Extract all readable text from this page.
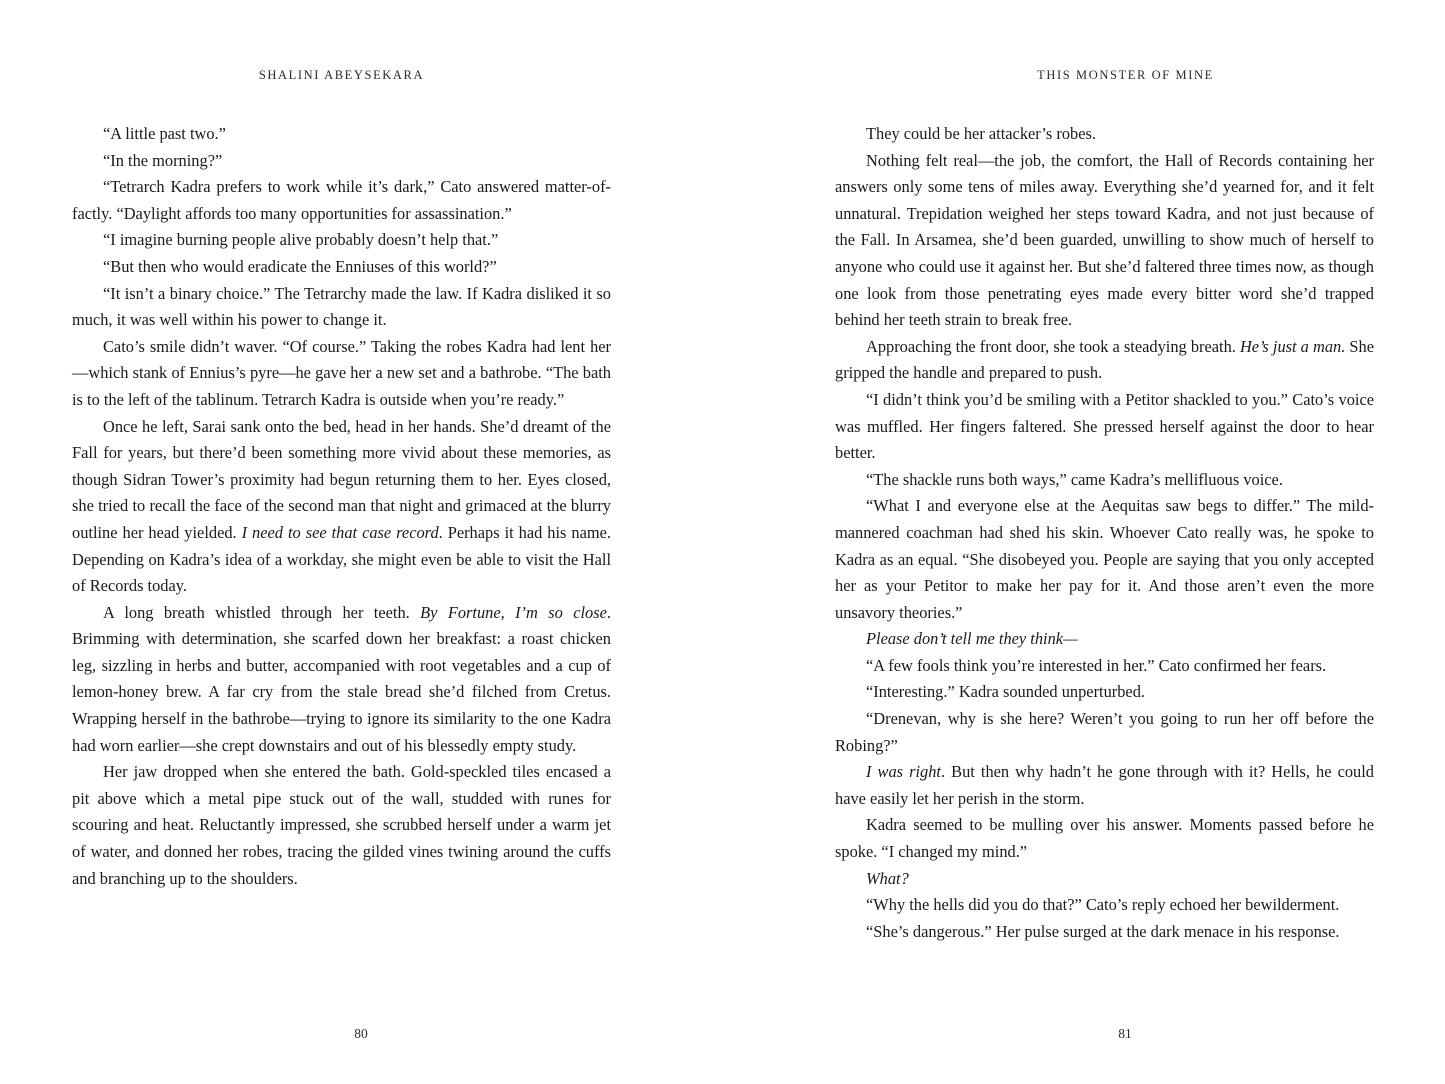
SHALINI ABEYSEKARA

“A little past two.”

“In the morning?”

“Tetrarch Kadra prefers to work while it’s dark,” Cato answered matter-of-factly. “Daylight affords too many opportunities for assassination.”

“I imagine burning people alive probably doesn’t help that.”

“But then who would eradicate the Enniuses of this world?”

“It isn’t a binary choice.” The Tetrarchy made the law. If Kadra disliked it so much, it was well within his power to change it.

Cato’s smile didn’t waver. “Of course.” Taking the robes Kadra had lent her—which stank of Ennius’s pyre—he gave her a new set and a bathrobe. “The bath is to the left of the tablinum. Tetrarch Kadra is outside when you’re ready.”

Once he left, Sarai sank onto the bed, head in her hands. She’d dreamt of the Fall for years, but there’d been something more vivid about these memories, as though Sidran Tower’s proximity had begun returning them to her. Eyes closed, she tried to recall the face of the second man that night and grimaced at the blurry outline her head yielded. I need to see that case record. Perhaps it had his name. Depending on Kadra’s idea of a workday, she might even be able to visit the Hall of Records today.

A long breath whistled through her teeth. By Fortune, I’m so close. Brimming with determination, she scarfed down her breakfast: a roast chicken leg, sizzling in herbs and butter, accompanied with root vegetables and a cup of lemon-honey brew. A far cry from the stale bread she’d filched from Cretus. Wrapping herself in the bathrobe—trying to ignore its similarity to the one Kadra had worn earlier—she crept downstairs and out of his blessedly empty study.

Her jaw dropped when she entered the bath. Gold-speckled tiles encased a pit above which a metal pipe stuck out of the wall, studded with runes for scouring and heat. Reluctantly impressed, she scrubbed herself under a warm jet of water, and donned her robes, tracing the gilded vines twining around the cuffs and branching up to the shoulders.

80
THIS MONSTER OF MINE

They could be her attacker’s robes.

Nothing felt real—the job, the comfort, the Hall of Records containing her answers only some tens of miles away. Everything she’d yearned for, and it felt unnatural. Trepidation weighed her steps toward Kadra, and not just because of the Fall. In Arsamea, she’d been guarded, unwilling to show much of herself to anyone who could use it against her. But she’d faltered three times now, as though one look from those penetrating eyes made every bitter word she’d trapped behind her teeth strain to break free.

Approaching the front door, she took a steadying breath. He’s just a man. She gripped the handle and prepared to push.

“I didn’t think you’d be smiling with a Petitor shackled to you.” Cato’s voice was muffled. Her fingers faltered. She pressed herself against the door to hear better.

“The shackle runs both ways,” came Kadra’s mellifluous voice.

“What I and everyone else at the Aequitas saw begs to differ.” The mild-mannered coachman had shed his skin. Whoever Cato really was, he spoke to Kadra as an equal. “She disobeyed you. People are saying that you only accepted her as your Petitor to make her pay for it. And those aren’t even the more unsavory theories.”

Please don’t tell me they think—

“A few fools think you’re interested in her.” Cato confirmed her fears.

“Interesting.” Kadra sounded unperturbed.

“Drenevan, why is she here? Weren’t you going to run her off before the Robing?”

I was right. But then why hadn’t he gone through with it? Hells, he could have easily let her perish in the storm.

Kadra seemed to be mulling over his answer. Moments passed before he spoke. “I changed my mind.”

What?

“Why the hells did you do that?” Cato’s reply echoed her bewilderment.

“She’s dangerous.” Her pulse surged at the dark menace in his response.

81
